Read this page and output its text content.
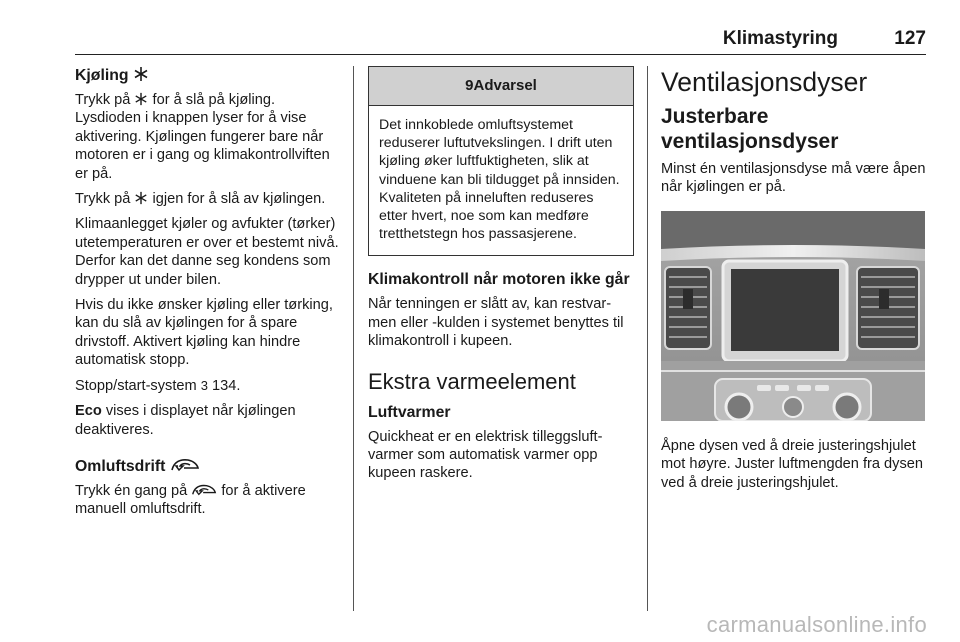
Klimastyring	127
Kjøling

Trykk på for å slå på kjøling. Lysdioden i knappen lyser for å vise aktivering. Kjølingen fungerer bare når motoren er i gang og klimakontrollviften er på.

Trykk på igjen for å slå av kjølingen.

Klimaanlegget kjøler og avfukter (tørker) utetemperaturen er over et bestemt nivå. Derfor kan det danne seg kondens som drypper ut under bilen.

Hvis du ikke ønsker kjøling eller tørking, kan du slå av kjølingen for å spare drivstoff. Aktivert kjøling kan hindre automatisk stopp.

Stopp/start-system 3 134.

Eco vises i displayet når kjølingen deaktiveres.

Omluftsdrift

Trykk én gang på for å aktivere manuell omluftsdrift.

9Advarsel

Det innkoblede omluftsystemet reduserer luftutvekslingen. I drift uten kjøling øker luftfuktigheten, slik at vinduene kan bli tildugget på innsiden. Kvaliteten på inneluften reduseres etter hvert, noe som kan medføre tretthetstegn hos passasjerene.

Klimakontroll når motoren ikke går

Når tenningen er slått av, kan restvarmen eller -kulden i systemet benyttes til klimakontroll i kupeen.

Ekstra varmeelement
Luftvarmer

Quickheat er en elektrisk tilleggsluftvarmer som automatisk varmer opp kupeen raskere.

Ventilasjonsdyser
Justerbare ventilasjonsdyser

Minst én ventilasjonsdyse må være åpen når kjølingen er på.

Åpne dysen ved å dreie justeringshjulet mot høyre. Juster luftmengden fra dysen ved å dreie justeringshjulet.

carmanualsonline.info
